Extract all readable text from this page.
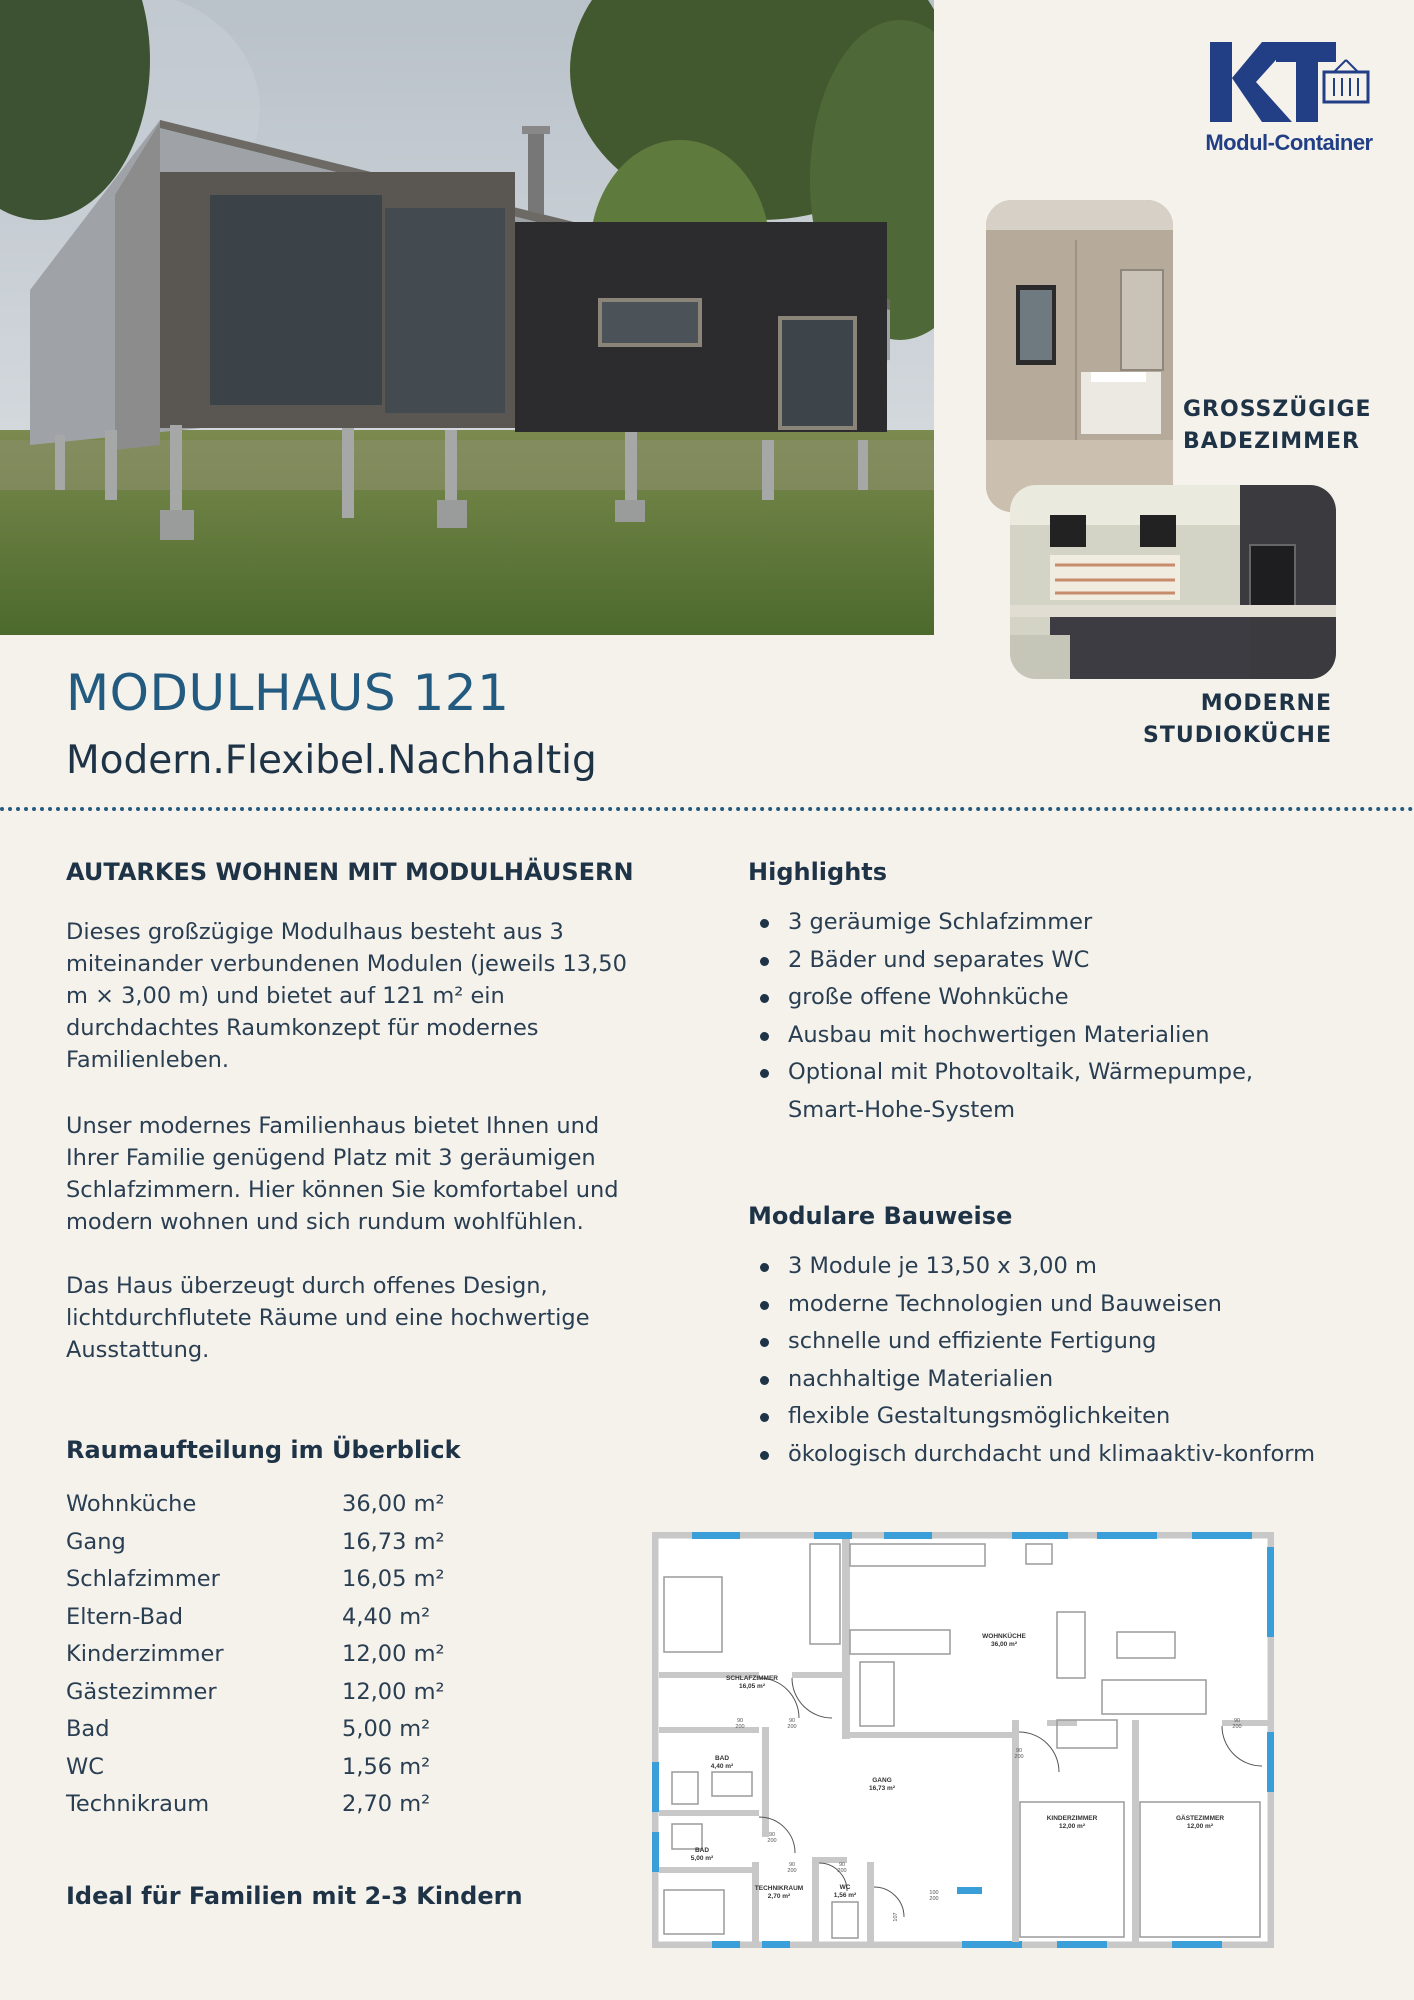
Modul-Container
GROSSZÜGIGE
BADEZIMMER
MODERNE
STUDIOKÜCHE
MODULHAUS 121
Modern.Flexibel.Nachhaltig
AUTARKES WOHNEN MIT MODULHÄUSERN

Dieses großzügige Modulhaus besteht aus 3 miteinander verbundenen Modulen (jeweils 13,50 m × 3,00 m) und bietet auf 121 m² ein durchdachtes Raumkonzept für modernes Familienleben.

Unser modernes Familienhaus bietet Ihnen und Ihrer Familie genügend Platz mit 3 geräumigen Schlafzimmern. Hier können Sie komfortabel und modern wohnen und sich rundum wohlfühlen.

Das Haus überzeugt durch offenes Design, lichtdurchflutete Räume und eine hochwertige Ausstattung.

Raumaufteilung im Überblick
Wohnküche	36,00 m²
Gang	16,73 m²
Schlafzimmer	16,05 m²
Eltern-Bad	4,40 m²
Kinderzimmer	12,00 m²
Gästezimmer	12,00 m²
Bad	5,00 m²
WC	1,56 m²
Technikraum	2,70 m²
Ideal für Familien mit 2-3 Kindern
Highlights
3 geräumige Schlafzimmer
2 Bäder und separates WC
große offene Wohnküche
Ausbau mit hochwertigen Materialien
Optional mit Photovoltaik, Wärmepumpe, Smart-Hohe-System
Modulare Bauweise
3 Module je 13,50 x 3,00 m
moderne Technologien und Bauweisen
schnelle und effiziente Fertigung
nachhaltige Materialien
flexible Gestaltungsmöglichkeiten
ökologisch durchdacht und klimaaktiv-konform
WOHNKÜCHE
36,00 m²
SCHLAFZIMMER
16,05 m²
BAD
4,40 m²
GANG
16,73 m²
KINDERZIMMER
12,00 m²
GÄSTEZIMMER
12,00 m²
BAD
5,00 m²
TECHNIKRAUM
2,70 m²
WC
1,56 m²
90
200
90
200
90
200
90
200
90
200
90
200
90
200
100
200
107
